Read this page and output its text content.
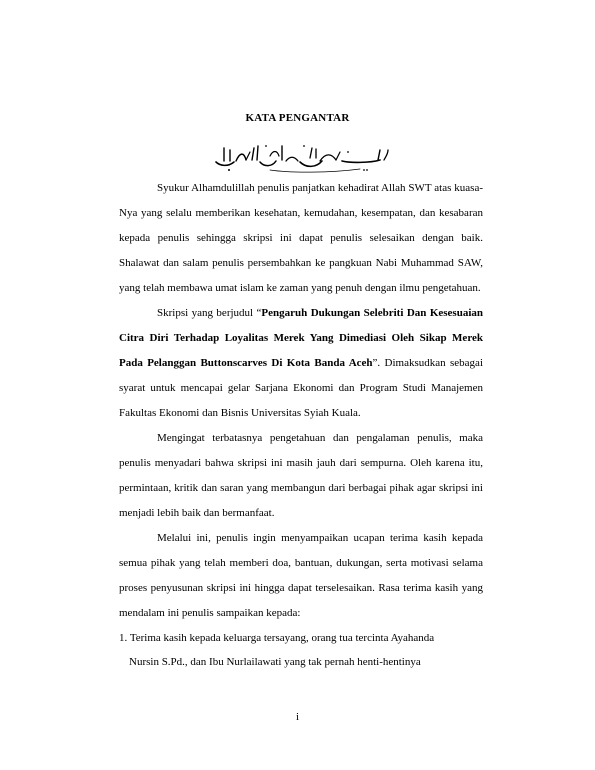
KATA PENGANTAR

Syukur Alhamdulillah penulis panjatkan kehadirat Allah SWT atas kuasa-Nya yang selalu memberikan kesehatan, kemudahan, kesempatan, dan kesabaran kepada penulis sehingga skripsi ini dapat penulis selesaikan dengan baik. Shalawat dan salam penulis persembahkan ke pangkuan Nabi Muhammad SAW, yang telah membawa umat islam ke zaman yang penuh dengan ilmu pengetahuan.

Skripsi yang berjudul “Pengaruh Dukungan Selebriti Dan Kesesuaian Citra Diri Terhadap Loyalitas Merek Yang Dimediasi Oleh Sikap Merek Pada Pelanggan Buttonscarves Di Kota Banda Aceh”. Dimaksudkan sebagai syarat untuk mencapai gelar Sarjana Ekonomi dan Program Studi Manajemen Fakultas Ekonomi dan Bisnis Universitas Syiah Kuala.

Mengingat terbatasnya pengetahuan dan pengalaman penulis, maka penulis menyadari bahwa skripsi ini masih jauh dari sempurna. Oleh karena itu, permintaan, kritik dan saran yang membangun dari berbagai pihak agar skripsi ini menjadi lebih baik dan bermanfaat.

Melalui ini, penulis ingin menyampaikan ucapan terima kasih kepada semua pihak yang telah memberi doa, bantuan, dukungan, serta motivasi selama proses penyusunan skripsi ini hingga dapat terselesaikan. Rasa terima kasih yang mendalam ini penulis sampaikan kepada:

1. Terima kasih kepada keluarga tersayang, orang tua tercinta Ayahanda
Nursin S.Pd., dan Ibu Nurlailawati yang tak pernah henti-hentinya

i
